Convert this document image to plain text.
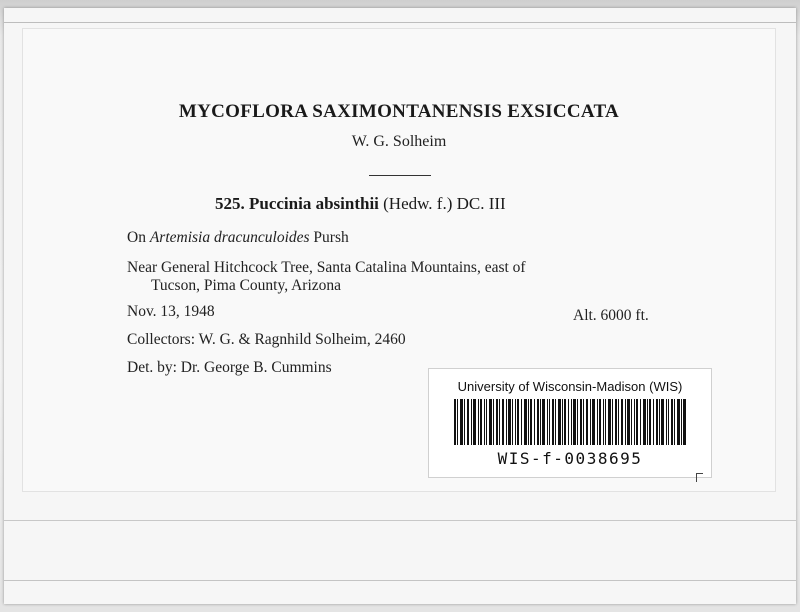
MYCOFLORA SAXIMONTANENSIS EXSICCATA
W. G. Solheim
525. Puccinia absinthii (Hedw. f.) DC. III
On Artemisia dracunculoides Pursh
Near General Hitchcock Tree, Santa Catalina Mountains, east of
Tucson, Pima County, Arizona
Nov. 13, 1948	Alt. 6000 ft.
Collectors: W. G. & Ragnhild Solheim, 2460
Det. by: Dr. George B. Cummins
University of Wisconsin-Madison (WIS)
WIS-f-0038695
